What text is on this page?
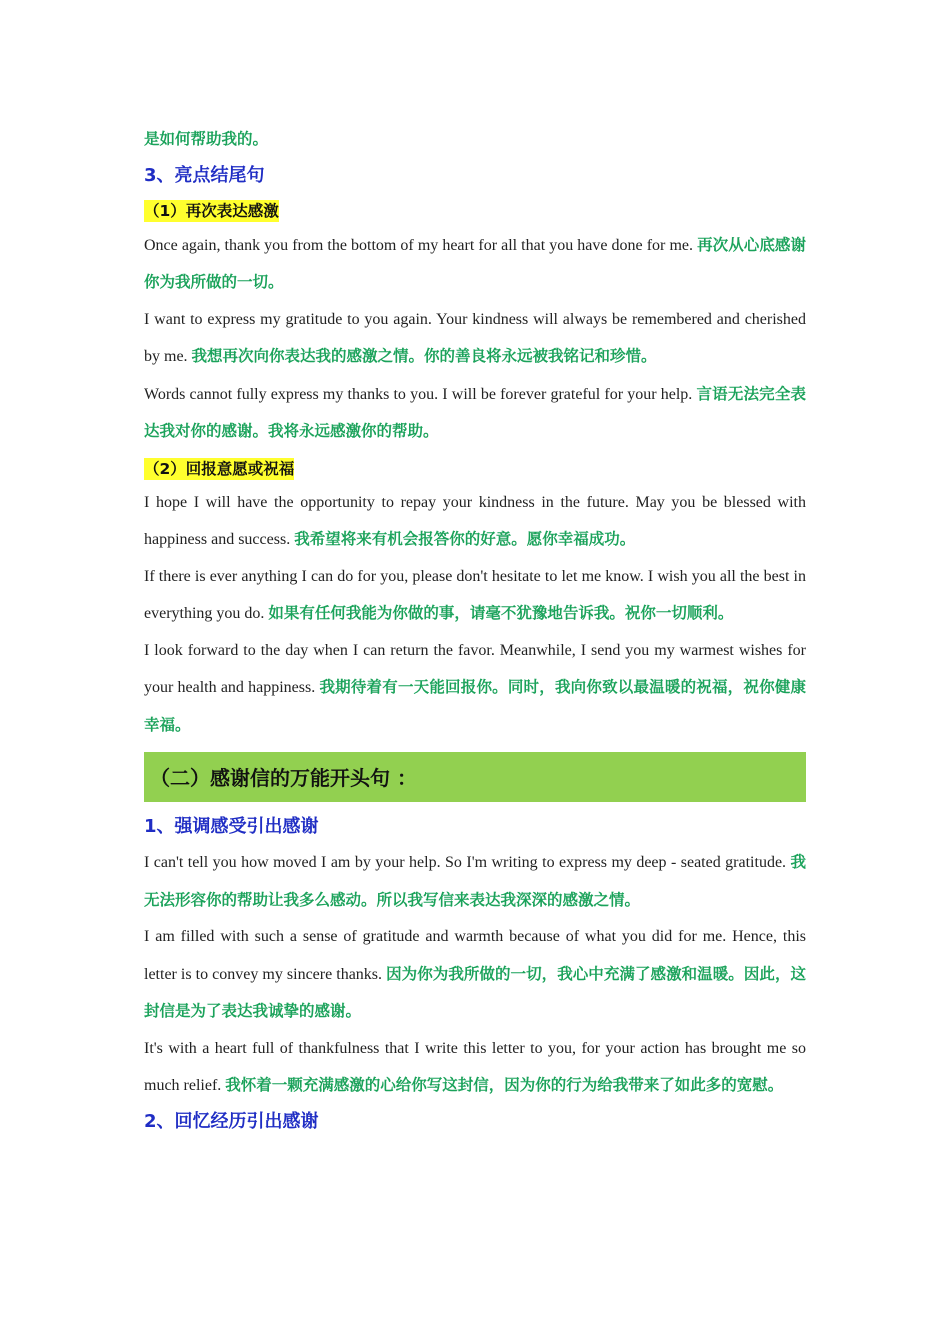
是如何帮助我的。

3、亮点结尾句

（1）再次表达感激

Once again, thank you from the bottom of my heart for all that you have done for me. 再次从心底感谢你为我所做的一切。

I want to express my gratitude to you again. Your kindness will always be remembered and cherished by me. 我想再次向你表达我的感激之情。你的善良将永远被我铭记和珍惜。

Words cannot fully express my thanks to you. I will be forever grateful for your help. 言语无法完全表达我对你的感谢。我将永远感激你的帮助。

（2）回报意愿或祝福

I hope I will have the opportunity to repay your kindness in the future. May you be blessed with happiness and success. 我希望将来有机会报答你的好意。愿你幸福成功。

If there is ever anything I can do for you, please don't hesitate to let me know. I wish you all the best in everything you do. 如果有任何我能为你做的事，请毫不犹豫地告诉我。祝你一切顺利。

I look forward to the day when I can return the favor. Meanwhile, I send you my warmest wishes for your health and happiness. 我期待着有一天能回报你。同时，我向你致以最温暖的祝福，祝你健康幸福。

（二）感谢信的万能开头句 ：

1、强调感受引出感谢

I can't tell you how moved I am by your help. So I'm writing to express my deep - seated gratitude. 我无法形容你的帮助让我多么感动。所以我写信来表达我深深的感激之情。

I am filled with such a sense of gratitude and warmth because of what you did for me. Hence, this letter is to convey my sincere thanks. 因为你为我所做的一切，我心中充满了感激和温暖。因此，这封信是为了表达我诚挚的感谢。

It's with a heart full of thankfulness that I write this letter to you, for your action has brought me so much relief. 我怀着一颗充满感激的心给你写这封信，因为你的行为给我带来了如此多的宽慰。

2、回忆经历引出感谢
